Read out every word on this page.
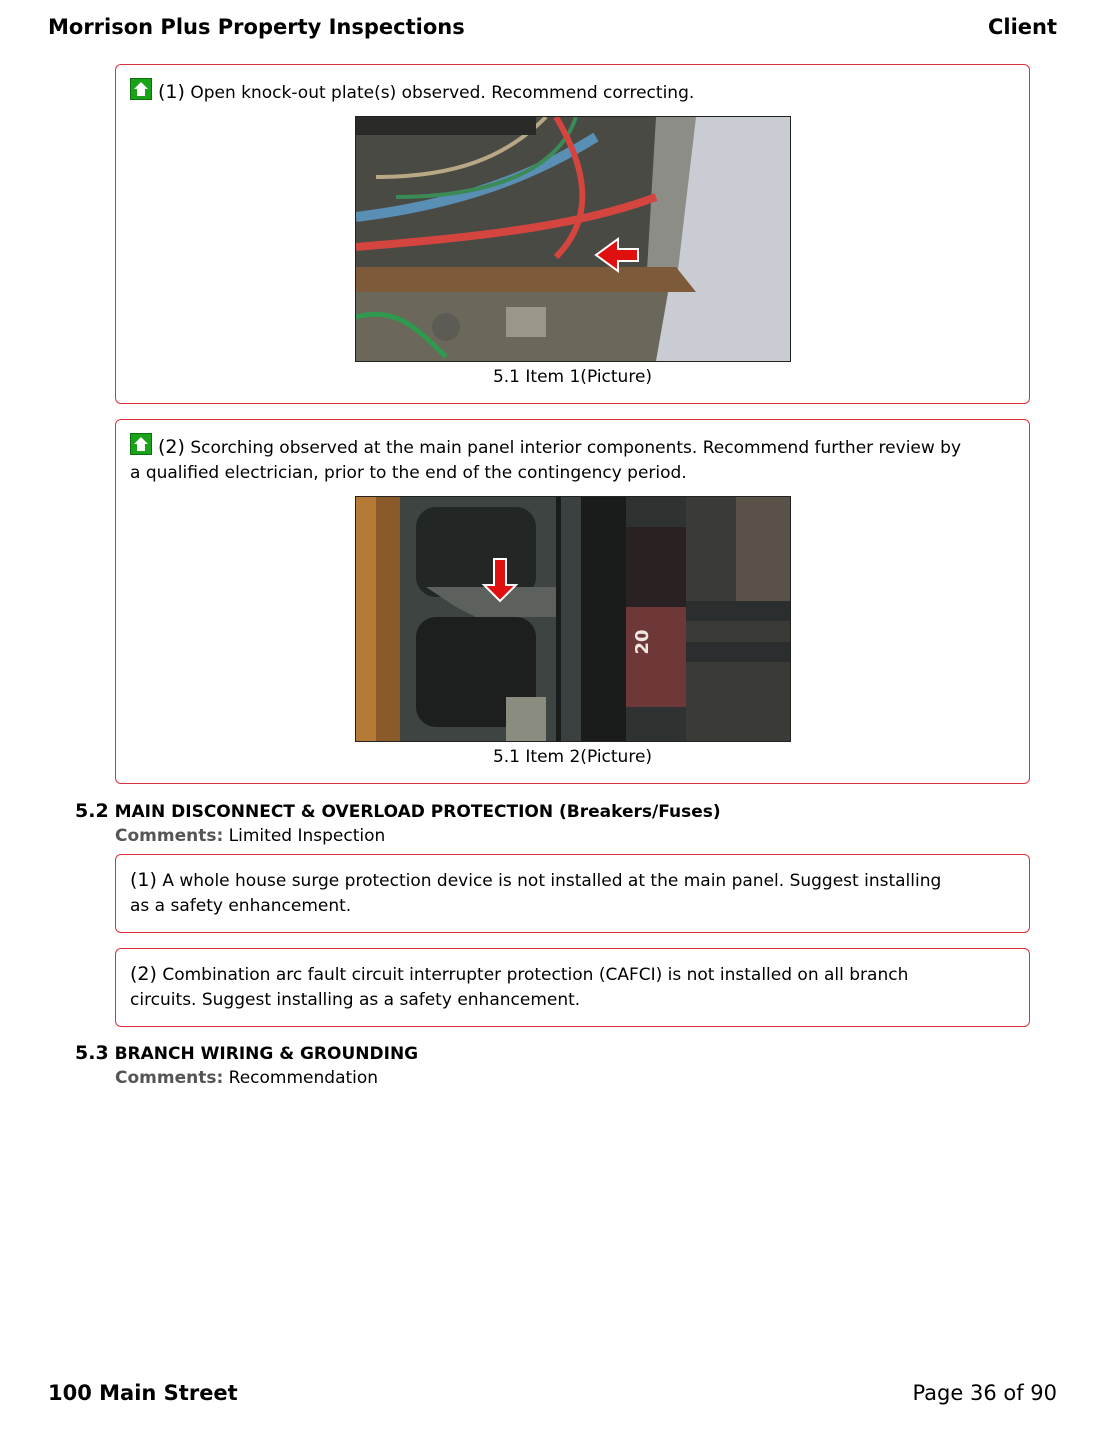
Morrison Plus Property Inspections	Client
(1) Open knock-out plate(s) observed. Recommend correcting.
5.1 Item 1(Picture)
(2) Scorching observed at the main panel interior components. Recommend further review by
a qualified electrician, prior to the end of the contingency period.
20
5.1 Item 2(Picture)
5.2 MAIN DISCONNECT & OVERLOAD PROTECTION (Breakers/Fuses)
Comments: Limited Inspection
(1) A whole house surge protection device is not installed at the main panel. Suggest installing
as a safety enhancement.
(2) Combination arc fault circuit interrupter protection (CAFCI) is not installed on all branch
circuits. Suggest installing as a safety enhancement.
5.3 BRANCH WIRING & GROUNDING
Comments: Recommendation
100 Main Street	Page 36 of 90
